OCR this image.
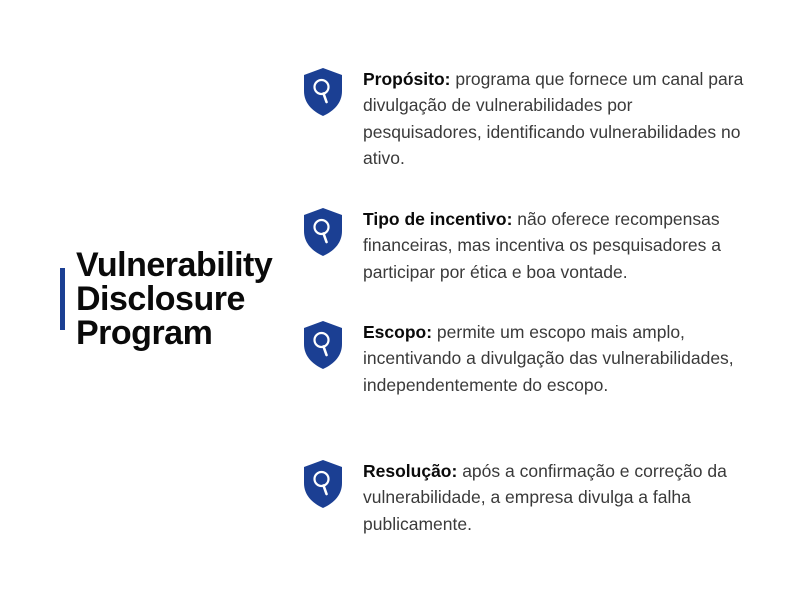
Vulnerability
Disclosure
Program
Propósito: programa que fornece um canal para divulgação de vulnerabilidades por pesquisadores, identificando vulnerabilidades no ativo.
Tipo de incentivo: não oferece recompensas financeiras, mas incentiva os pesquisadores a participar por ética e boa vontade.
Escopo: permite um escopo mais amplo, incentivando a divulgação das vulnerabilidades, independentemente do escopo.
Resolução: após a confirmação e correção da vulnerabilidade, a empresa divulga a falha publicamente.
